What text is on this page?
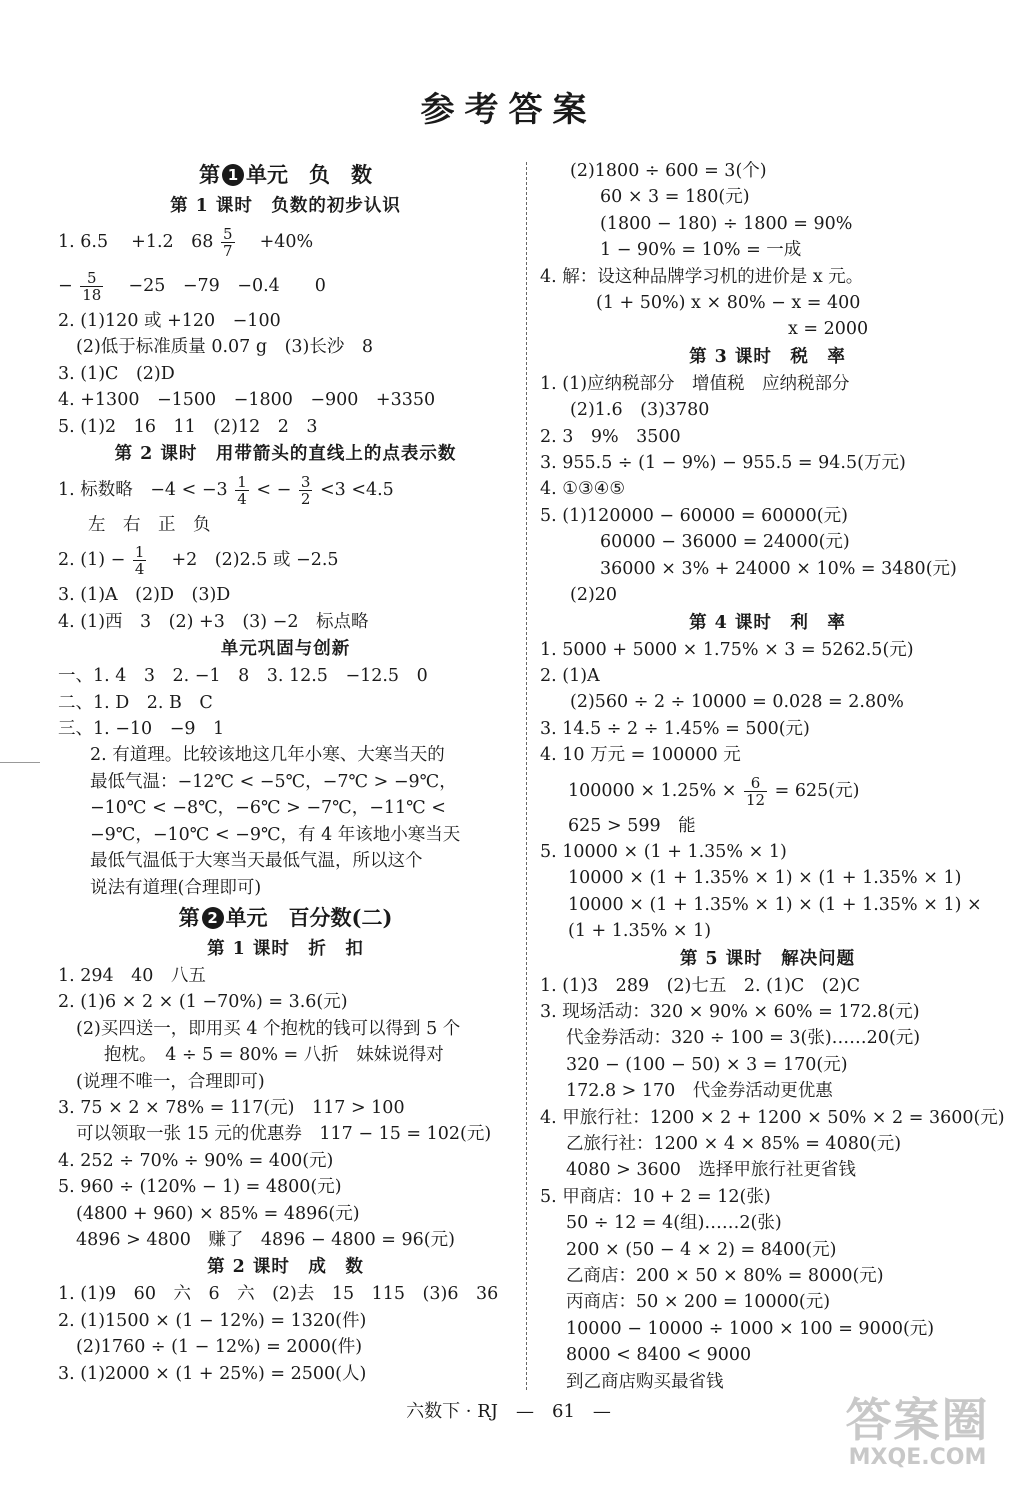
参考答案
第 1 单元　负　数
第 1 课时　负数的初步认识
1. 6.5　 +1.2　$68 \frac{5}{7}$ 　+40%
− $\frac{5}{18}$ 　−25　−79　−0.4　　0
2. (1)120 或 +120　−100
(2)低于标准质量 0.07 g　(3)长沙　8
3. (1)C　(2)D
4. +1300　−1500　−1800　−900　+3350
5. (1)2　16　11　(2)12　2　3
第 2 课时　用带箭头的直线上的点表示数
1. 标数略　$-4 < -3 \frac{1}{4}$ < − $\frac{3}{2} <3 <4.5$
左　右　正　负
2. $(1) - \frac{1}{4}$ 　+2　(2)2.5 或 −2.5
3. (1)A　(2)D　(3)D
4. (1)西　3　(2) +3　(3) −2　标点略
单元巩固与创新
一、1. 4　3　2. −1　8　3. 12.5　−12.5　0
二、1. D　2. B　C
三、1. −10　−9　1
2. 有道理。比较该地这几年小寒、大寒当天的
最低气温：−12℃ < −5℃，−7℃ > −9℃，
−10℃ < −8℃，−6℃ > −7℃，−11℃ <
−9℃，−10℃ < −9℃，有 4 年该地小寒当天
最低气温低于大寒当天最低气温，所以这个
说法有道理(合理即可)
第 2 单元　百分数(二)
第 1 课时　折　扣
1. 294　40　八五
2. (1)6 × 2 × (1 −70%) = 3.6(元)
(2)买四送一，即用买 4 个抱枕的钱可以得到 5 个
抱枕。　4 ÷ 5 = 80% = 八折　妹妹说得对
(说理不唯一，合理即可)
3. 75 × 2 × 78% = 117(元)　117 > 100
可以领取一张 15 元的优惠券　117 − 15 = 102(元)
4. 252 ÷ 70% ÷ 90% = 400(元)
5. 960 ÷ (120% − 1) = 4800(元)
(4800 + 960) × 85% = 4896(元)
4896 > 4800　赚了　4896 − 4800 = 96(元)
第 2 课时　成　数
1. (1)9　60　六　6　六　(2)去　15　115　(3)6　36
2. (1)1500 × (1 − 12%) = 1320(件)
(2)1760 ÷ (1 − 12%) = 2000(件)
3. (1)2000 × (1 + 25%) = 2500(人)
(2)1800 ÷ 600 = 3(个)
60 × 3 = 180(元)
(1800 − 180) ÷ 1800 = 90%
1 − 90% = 10% = 一成
4. 解：设这种品牌学习机的进价是 x 元。
(1 + 50%) x × 80% − x = 400
x = 2000
第 3 课时　税　率
1. (1)应纳税部分　增值税　应纳税部分
(2)1.6　(3)3780
2. 3　9%　3500
3. 955.5 ÷ (1 − 9%) − 955.5 = 94.5(万元)
4. ①③④⑤
5. (1)120000 − 60000 = 60000(元)
60000 − 36000 = 24000(元)
36000 × 3% + 24000 × 10% = 3480(元)
(2)20
第 4 课时　利　率
1. 5000 + 5000 × 1.75% × 3 = 5262.5(元)
2. (1)A
(2)560 ÷ 2 ÷ 10000 = 0.028 = 2.80%
3. 14.5 ÷ 2 ÷ 1.45% = 500(元)
4. 10 万元 = 100000 元
$100000 \times 1.25\% \times \frac{6}{12} = 625$(元)
625 > 599　能
5. 10000 × (1 + 1.35% × 1)
10000 × (1 + 1.35% × 1) × (1 + 1.35% × 1)
10000 × (1 + 1.35% × 1) × (1 + 1.35% × 1) ×
(1 + 1.35% × 1)
第 5 课时　解决问题
1. (1)3　289　(2)七五　2. (1)C　(2)C
3. 现场活动：320 × 90% × 60% = 172.8(元)
代金券活动：320 ÷ 100 = 3(张)……20(元)
320 − (100 − 50) × 3 = 170(元)
172.8 > 170　代金券活动更优惠
4. 甲旅行社：1200 × 2 + 1200 × 50% × 2 = 3600(元)
乙旅行社：1200 × 4 × 85% = 4080(元)
4080 > 3600　选择甲旅行社更省钱
5. 甲商店：10 + 2 = 12(张)
50 ÷ 12 = 4(组)……2(张)
200 × (50 − 4 × 2) = 8400(元)
乙商店：200 × 50 × 80% = 8000(元)
丙商店：50 × 200 = 10000(元)
10000 − 10000 ÷ 1000 × 100 = 9000(元)
8000 < 8400 < 9000
到乙商店购买最省钱
六数下 · RJ　—　61　—	答案圈
MXQE.COM
